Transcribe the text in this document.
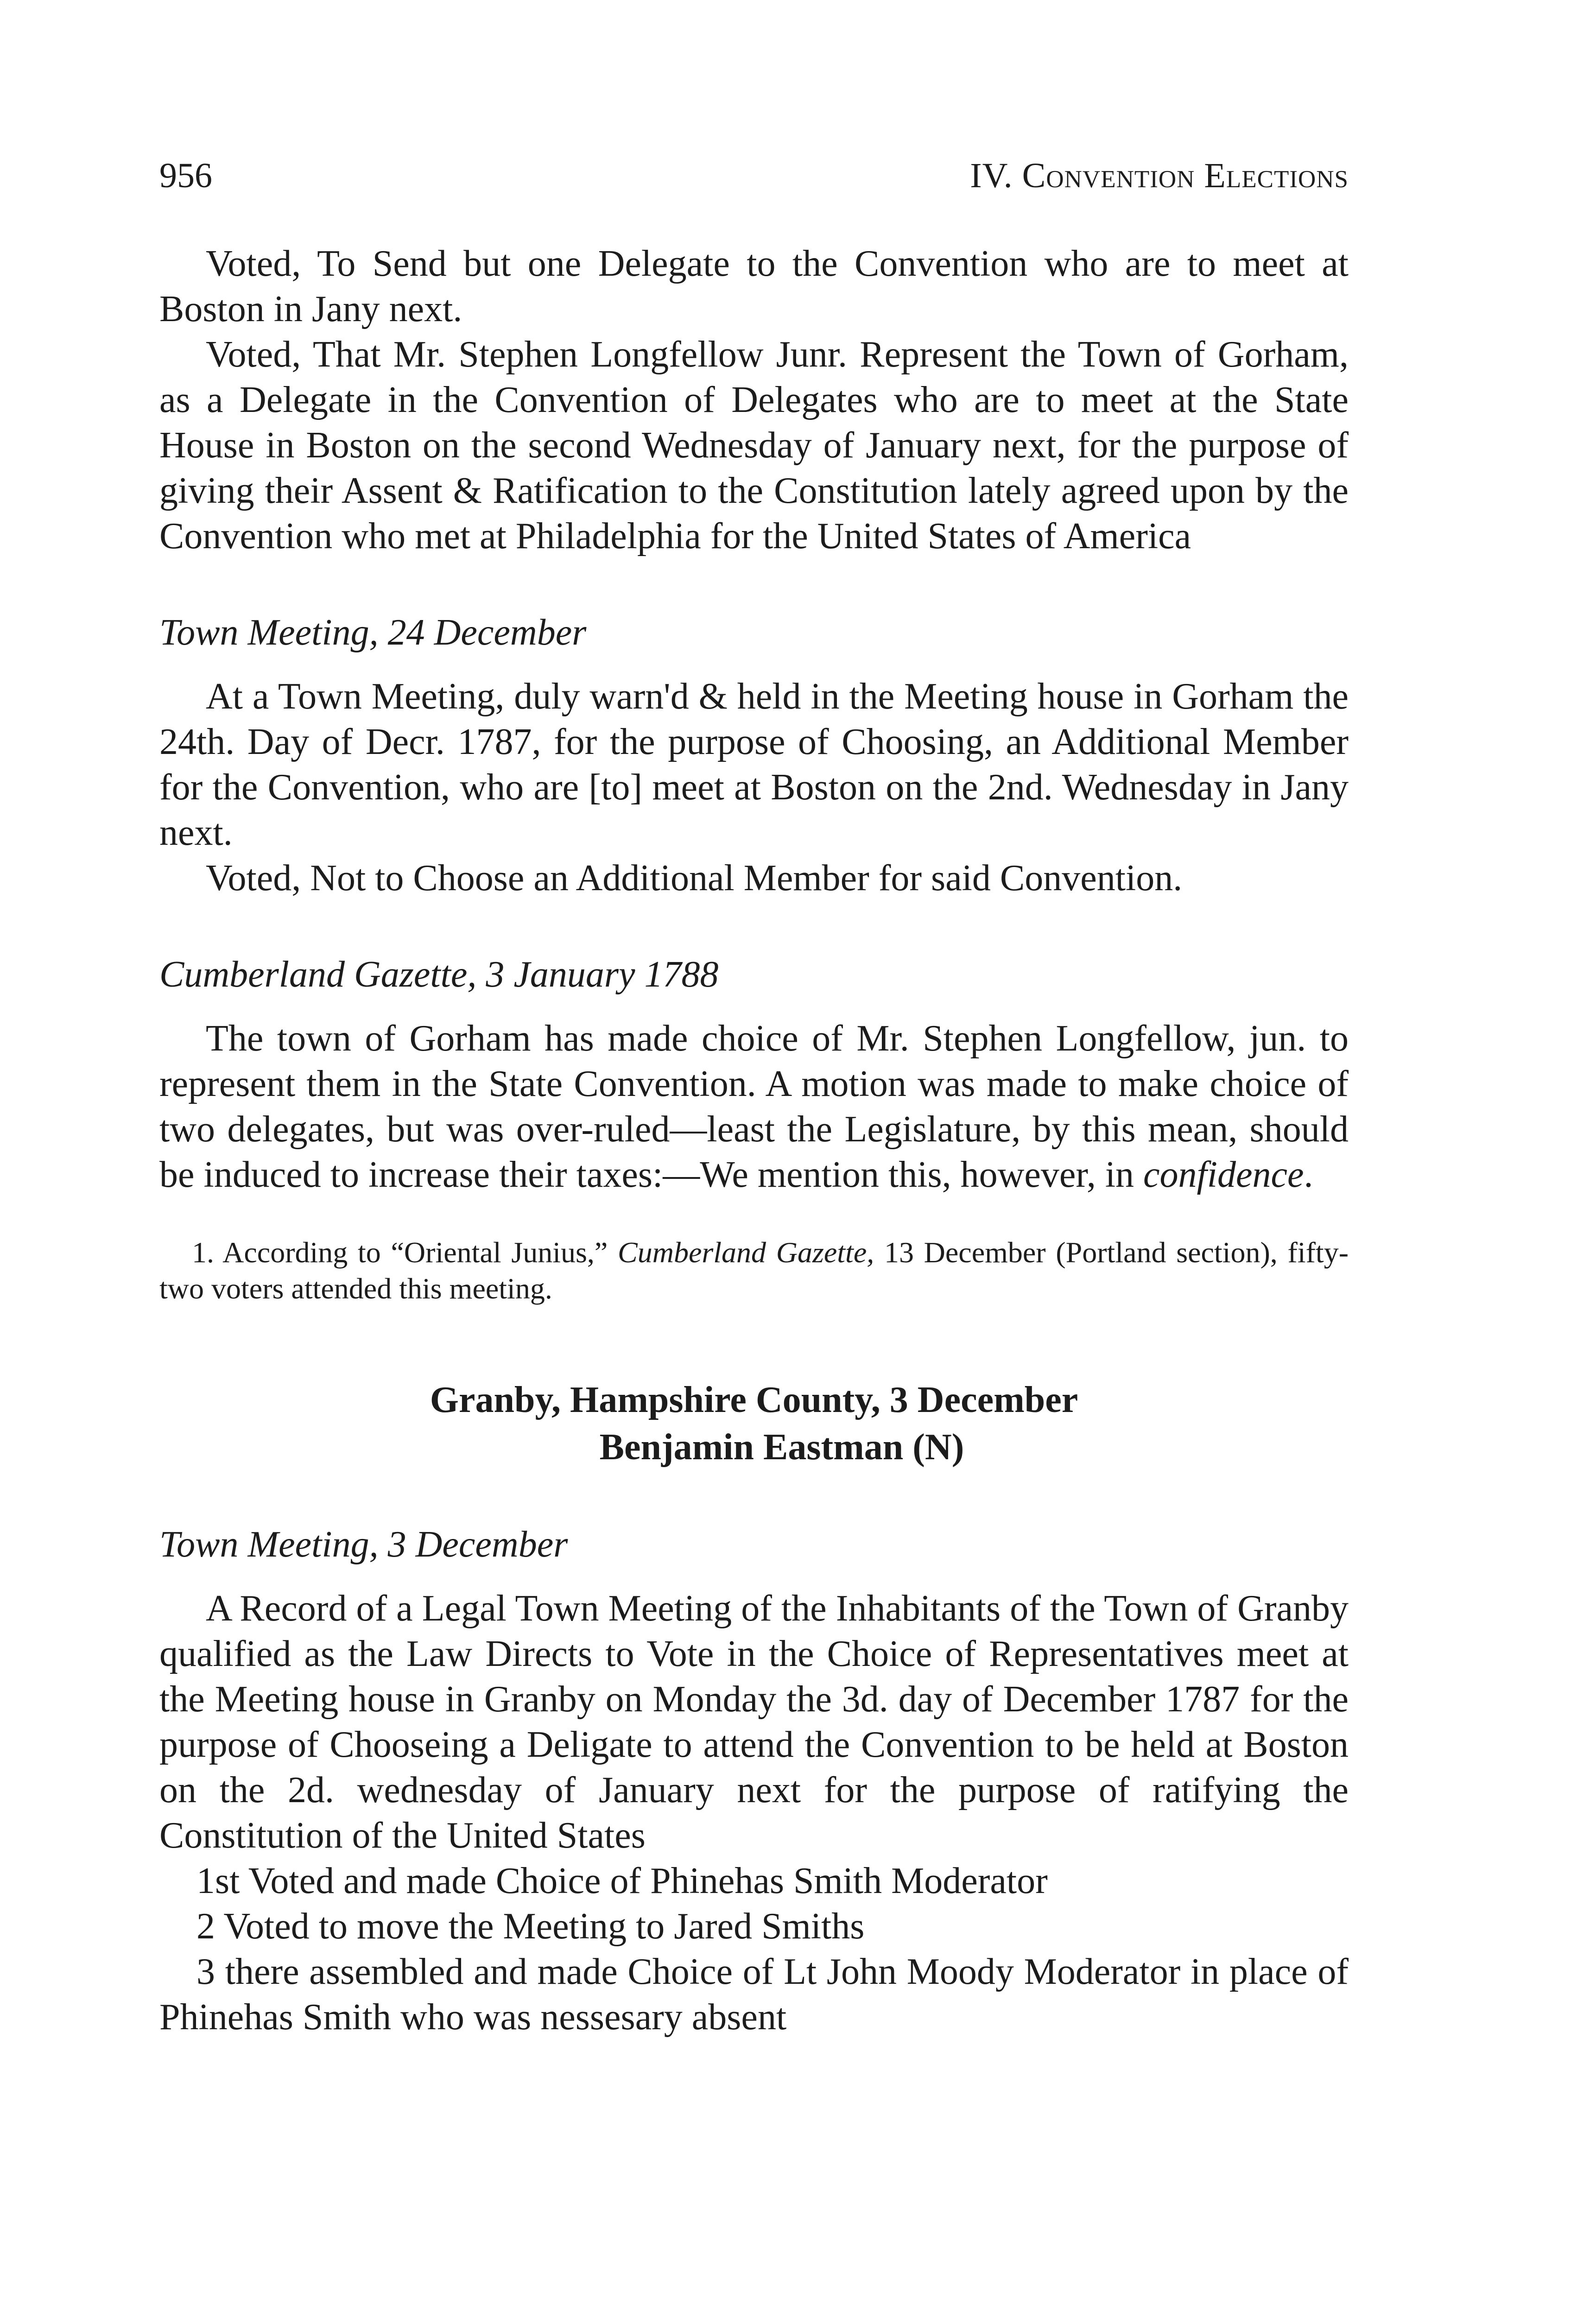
956	IV. Convention Elections

Voted, To Send but one Delegate to the Convention who are to meet at Boston in Jany next.

Voted, That Mr. Stephen Longfellow Junr. Represent the Town of Gorham, as a Delegate in the Convention of Delegates who are to meet at the State House in Boston on the second Wednesday of January next, for the purpose of giving their Assent & Ratification to the Constitution lately agreed upon by the Convention who met at Philadelphia for the United States of America

Town Meeting, 24 December

At a Town Meeting, duly warn'd & held in the Meeting house in Gorham the 24th. Day of Decr. 1787, for the purpose of Choosing, an Additional Member for the Convention, who are [to] meet at Boston on the 2nd. Wednesday in Jany next.

Voted, Not to Choose an Additional Member for said Convention.

Cumberland Gazette, 3 January 1788

The town of Gorham has made choice of Mr. Stephen Longfellow, jun. to represent them in the State Convention. A motion was made to make choice of two delegates, but was over-ruled—least the Legislature, by this mean, should be induced to increase their taxes:—We mention this, however, in confidence.

1. According to “Oriental Junius,” Cumberland Gazette, 13 December (Portland section), fifty-two voters attended this meeting.

Granby, Hampshire County, 3 December
Benjamin Eastman (N)
Town Meeting, 3 December

A Record of a Legal Town Meeting of the Inhabitants of the Town of Granby qualified as the Law Directs to Vote in the Choice of Representatives meet at the Meeting house in Granby on Monday the 3d. day of December 1787 for the purpose of Chooseing a Deligate to attend the Convention to be held at Boston on the 2d. wednesday of January next for the purpose of ratifying the Constitution of the United States

1st Voted and made Choice of Phinehas Smith Moderator

2 Voted to move the Meeting to Jared Smiths

3 there assembled and made Choice of Lt John Moody Moderator in place of Phinehas Smith who was nessesary absent
